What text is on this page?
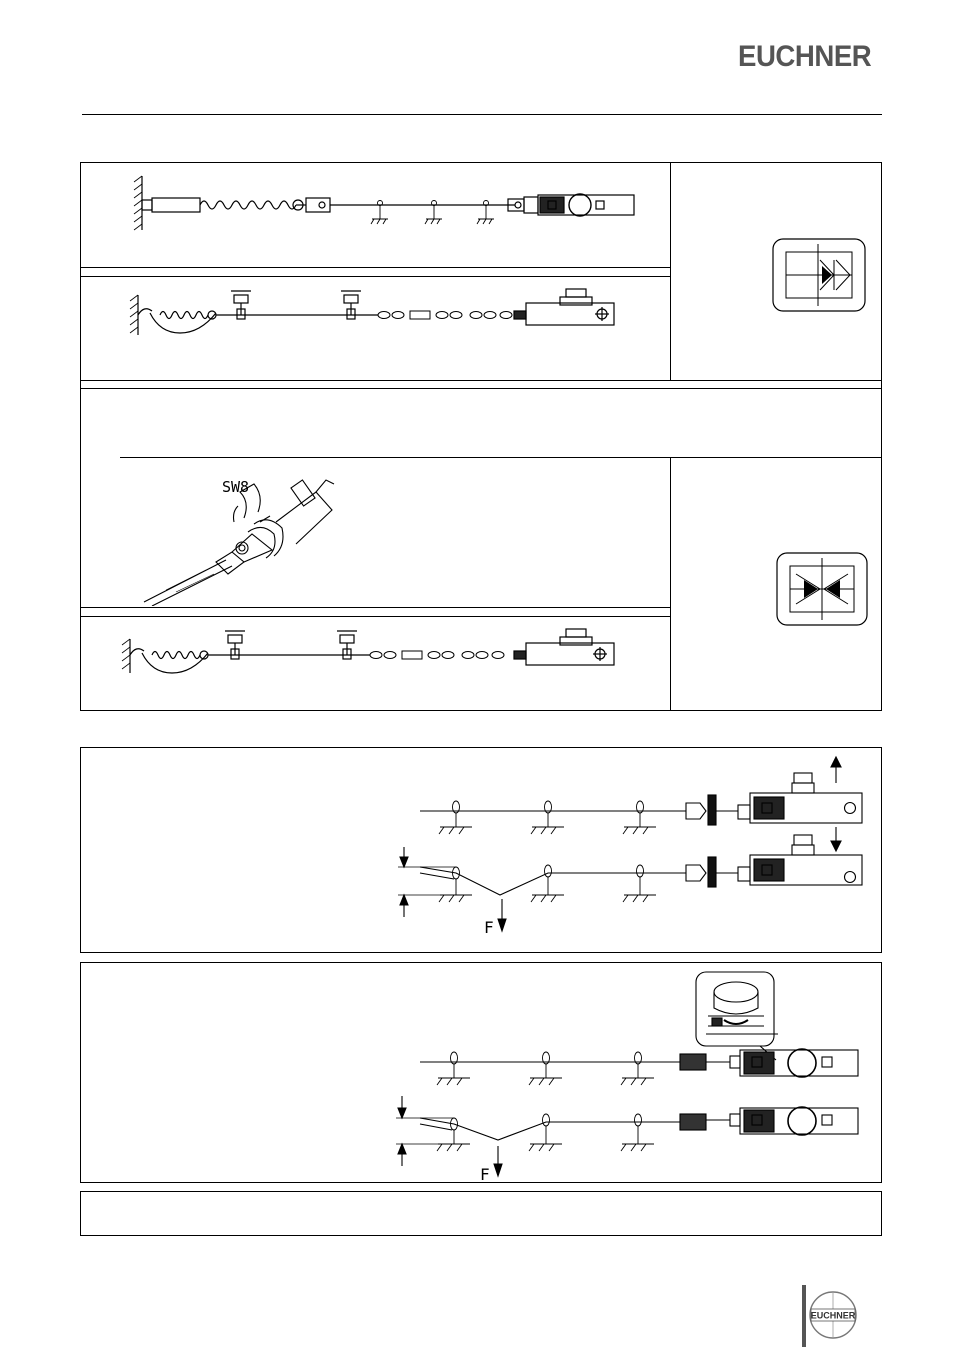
EUCHNER
SW8
F
F
EUCHNER
